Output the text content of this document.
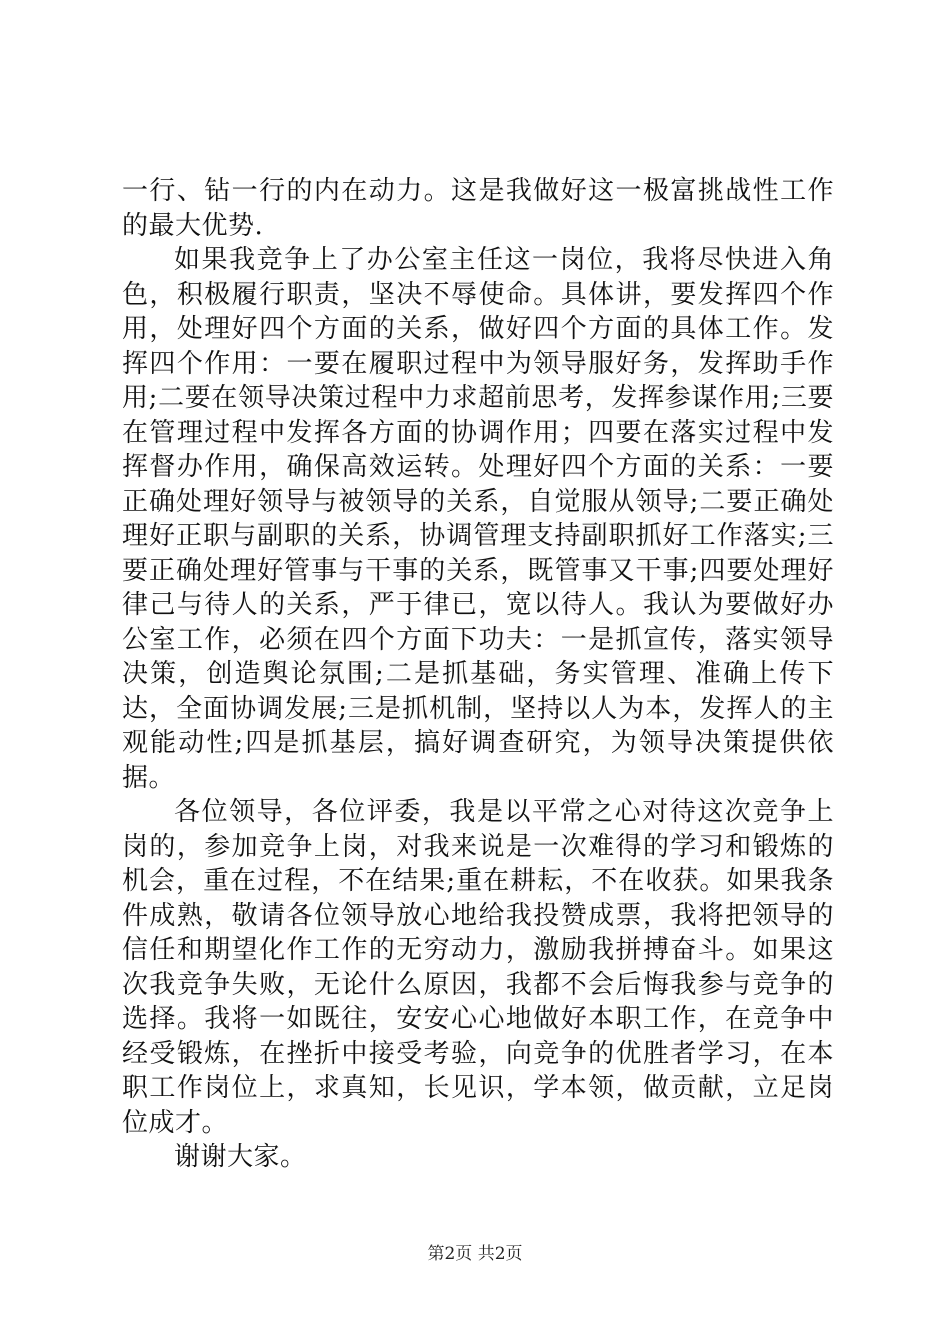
一行、钻一行的内在动力。这是我做好这一极富挑战性工作的最大优势.

如果我竞争上了办公室主任这一岗位，我将尽快进入角色，积极履行职责，坚决不辱使命。具体讲，要发挥四个作用，处理好四个方面的关系，做好四个方面的具体工作。发挥四个作用：一要在履职过程中为领导服好务，发挥助手作用;二要在领导决策过程中力求超前思考，发挥参谋作用;三要在管理过程中发挥各方面的协调作用；四要在落实过程中发挥督办作用，确保高效运转。处理好四个方面的关系：一要正确处理好领导与被领导的关系，自觉服从领导;二要正确处理好正职与副职的关系，协调管理支持副职抓好工作落实;三要正确处理好管事与干事的关系，既管事又干事;四要处理好律己与待人的关系，严于律已，宽以待人。我认为要做好办公室工作，必须在四个方面下功夫：一是抓宣传，落实领导决策，创造舆论氛围;二是抓基础，务实管理、准确上传下达，全面协调发展;三是抓机制，坚持以人为本，发挥人的主观能动性;四是抓基层，搞好调查研究，为领导决策提供依据。

各位领导，各位评委，我是以平常之心对待这次竞争上岗的，参加竞争上岗，对我来说是一次难得的学习和锻炼的机会，重在过程，不在结果;重在耕耘，不在收获。如果我条件成熟，敬请各位领导放心地给我投赞成票，我将把领导的信任和期望化作工作的无穷动力，激励我拼搏奋斗。如果这次我竞争失败，无论什么原因，我都不会后悔我参与竞争的选择。我将一如既往，安安心心地做好本职工作，在竞争中经受锻炼，在挫折中接受考验，向竞争的优胜者学习，在本职工作岗位上，求真知，长见识，学本领，做贡献，立足岗位成才。

谢谢大家。

第2页 共2页
